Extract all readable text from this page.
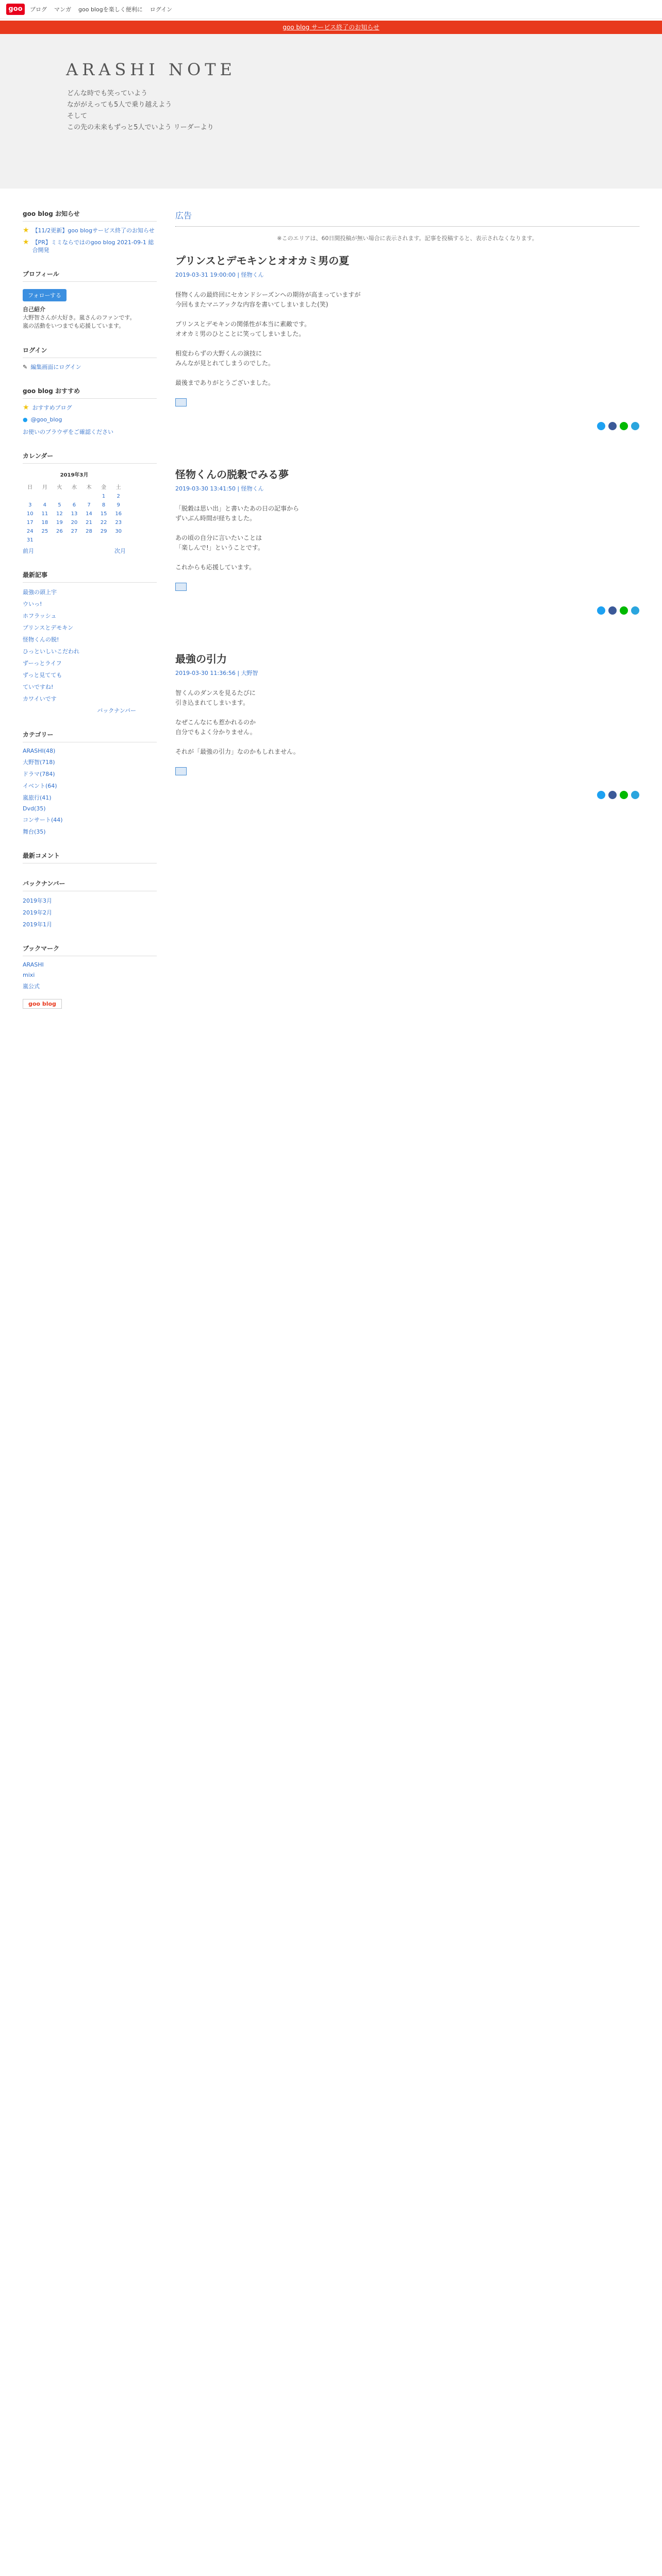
goo	ブログ マンガ goo blogを楽しく便利に ログイン
goo blog サービス終了のお知らせ
ARASHI NOTE
どんな時でも笑っていよう
なががえっても5人で乗り越えよう
そして
この先の未来もずっと5人でいよう リーダーより
goo blog お知らせ
★ 【11/2更新】goo blogサービス終了のお知らせ
★ 【PR】ミミならではのgoo blog 2021-09-1 総合開発
プロフィール
フォローする
自己紹介
大野智さんが大好き。嵐さんのファンです。
嵐の活動をいつまでも応援しています。
ログイン
✎ 編集画面にログイン
goo blog おすすめ
★ おすすめブログ
● @goo_blog
お使いのブラウザをご確認ください
カレンダー
2019年3月						
日	月	火	水	木	金	土
					1	2
3	4	5	6	7	8	9
10	11	12	13	14	15	16
17	18	19	20	21	22	23
24	25	26	27	28	29	30
31						
前月	次月
最新記事
最強の頭上宇
ウいっ!
ホフラッシュ
プリンスとデモキン
怪物くんの脱!
ひっといしいこだわれ
ずーっとライフ
ずっと見てても
ていですね!
カワイいです
バックナンバー
カテゴリー
ARASHI(48)
大野智(718)
ドラマ(784)
イベント(64)
嵐旅行(41)
Dvd(35)
コンサート(44)
舞台(35)
最新コメント
バックナンバー
2019年3月
2019年2月
2019年1月
ブックマーク
ARASHI
mixi
嵐公式
goo blog
広告
※このエリアは、60日間投稿が無い場合に表示されます。記事を投稿すると、表示されなくなります。
プリンスとデモキンとオオカミ男の夏
2019-03-31 19:00:00 | 怪物くん
怪物くんの最終回にセカンドシーズンへの期待が高まっていますが
今回もまたマニアックな内容を書いてしまいました(笑)

プリンスとデモキンの関係性が本当に素敵です。
オオカミ男のひとことに笑ってしまいました。

相変わらずの大野くんの演技に
みんなが見とれてしまうのでした。

最後までありがとうございました。
怪物くんの脱穀でみる夢
2019-03-30 13:41:50 | 怪物くん
「脱穀は思い出」と書いたあの日の記事から
ずいぶん時間が経ちました。

あの頃の自分に言いたいことは
「楽しんで!」ということです。

これからも応援しています。
最強の引力
2019-03-30 11:36:56 | 大野智
智くんのダンスを見るたびに
引き込まれてしまいます。

なぜこんなにも惹かれるのか
自分でもよく分かりません。

それが「最強の引力」なのかもしれません。
